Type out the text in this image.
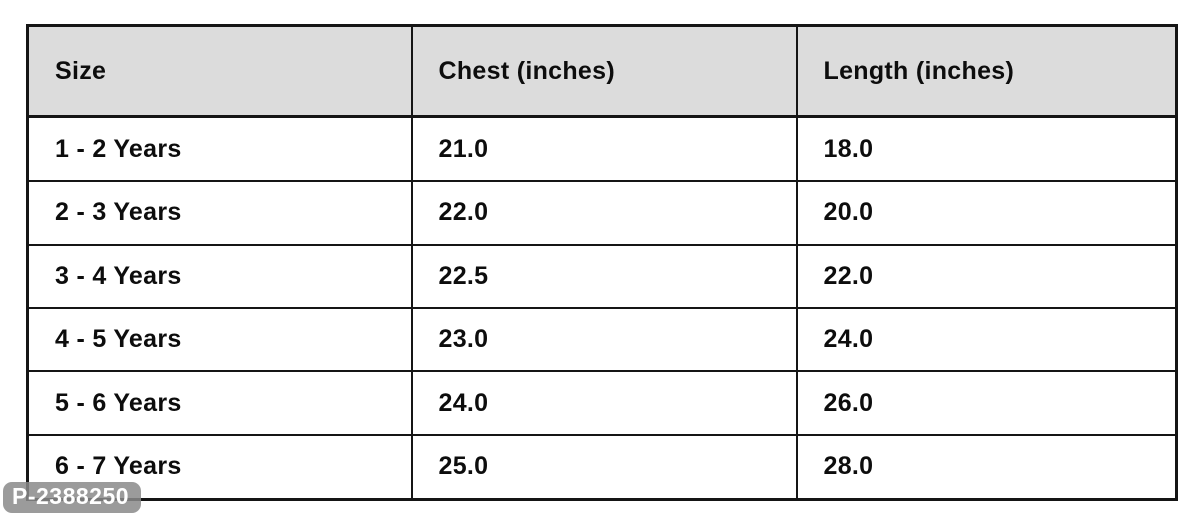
Size	Chest (inches)	Length (inches)
1 - 2 Years	21.0	18.0
2 - 3 Years	22.0	20.0
3 - 4 Years	22.5	22.0
4 - 5 Years	23.0	24.0
5 - 6 Years	24.0	26.0
6 - 7 Years	25.0	28.0
P-2388250
